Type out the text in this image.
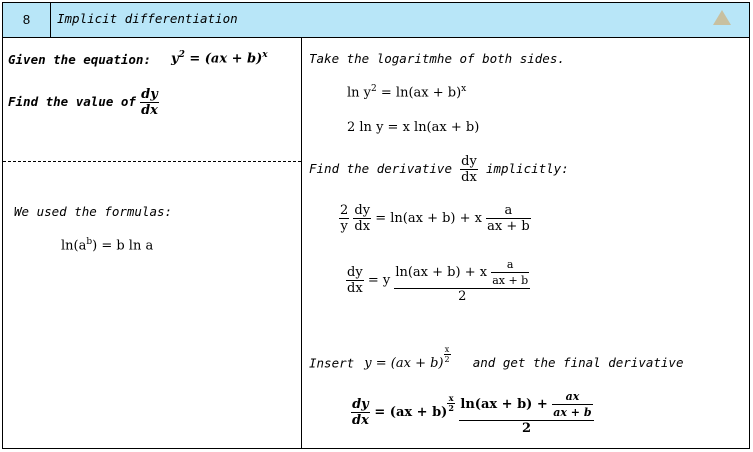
8	Implicit differentiation
Given the equation: $y^2 = (ax + b)^x$
Find the value of $\frac{dy}{dx}$
We used the formulas:
$\ln(a^b) = b$ ln a
Take the logaritmhe of both sides.
$\ln y^2 = \ln(ax + b)^x$
2 ln y = x ln(ax + b)
Find the derivative $\frac{dy}{dx}$ implicitly:
$\frac{2}{y}$
$\frac{dy}{dx} = \ln(ax + b) + x \frac{a}{ax + b}$
$\frac{dy}{dx} = y \frac{\ln(ax + b) + x \frac{a}{ax + b}}{2}$
Insert $y = (ax + b) \frac{x}{2}$ and get the final derivative
$\frac{dy}{dx} = (ax + b) \frac{x}{2}$
$\frac{\ln(ax + b) + \frac{ax}{ax + b}}{2}$
